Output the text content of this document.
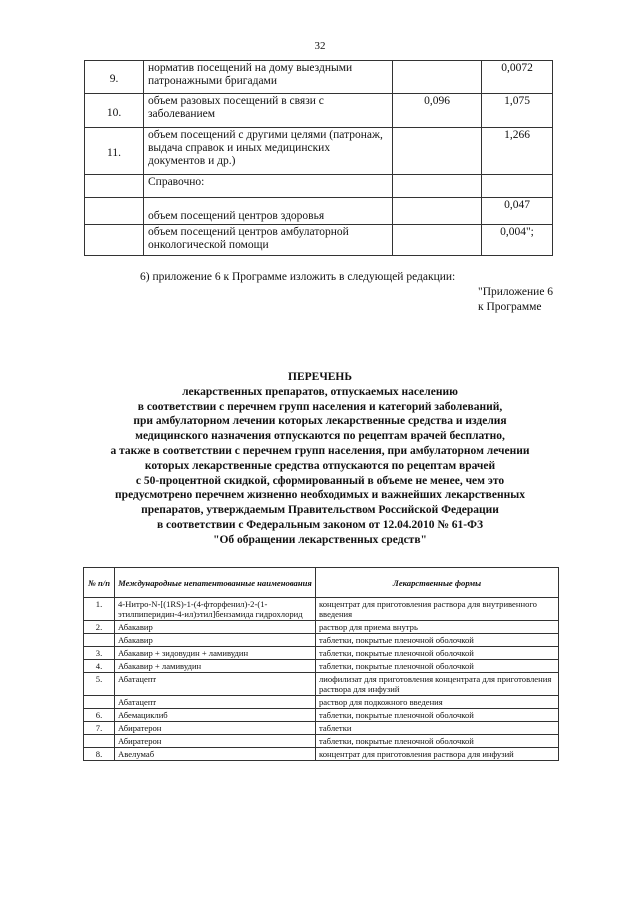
32
9.	норматив посещений на дому выездными патронажными бригадами		0,0072
10.	объем разовых посещений в связи с заболеванием	0,096	1,075
11.	объем посещений с другими целями (патронаж, выдача справок и иных медицинских документов и др.)		1,266
	Справочно:		
	объем посещений центров здоровья		0,047
	объем посещений центров амбулаторной онкологической помощи		0,004";
6) приложение 6 к Программе изложить в следующей редакции:
"Приложение 6
к Программе
ПЕРЕЧЕНЬ
лекарственных препаратов, отпускаемых населению
в соответствии с перечнем групп населения и категорий заболеваний,
при амбулаторном лечении которых лекарственные средства и изделия
медицинского назначения отпускаются по рецептам врачей бесплатно,
а также в соответствии с перечнем групп населения, при амбулаторном лечении
которых лекарственные средства отпускаются по рецептам врачей
с 50-процентной скидкой, сформированный в объеме не менее, чем это
предусмотрено перечнем жизненно необходимых и важнейших лекарственных
препаратов, утверждаемым Правительством Российской Федерации
в соответствии с Федеральным законом от 12.04.2010 № 61-ФЗ
"Об обращении лекарственных средств"
№ п/п	Международные непатентованные наименования	Лекарственные формы
1.	4-Нитро-N-[(1RS)-1-(4-фторфенил)-2-(1-этилпиперидин-4-ил)этил]бензамида гидрохлорид	концентрат для приготовления раствора для внутривенного введения
2.	Абакавир	раствор для приема внутрь
	Абакавир	таблетки, покрытые пленочной оболочкой
3.	Абакавир + зидовудин + ламивудин	таблетки, покрытые пленочной оболочкой
4.	Абакавир + ламивудин	таблетки, покрытые пленочной оболочкой
5.	Абатацепт	лиофилизат для приготовления концентрата для приготовления раствора для инфузий
	Абатацепт	раствор для подкожного введения
6.	Абемациклиб	таблетки, покрытые пленочной оболочкой
7.	Абиратерон	таблетки
	Абиратерон	таблетки, покрытые пленочной оболочкой
8.	Авелумаб	концентрат для приготовления раствора для инфузий
